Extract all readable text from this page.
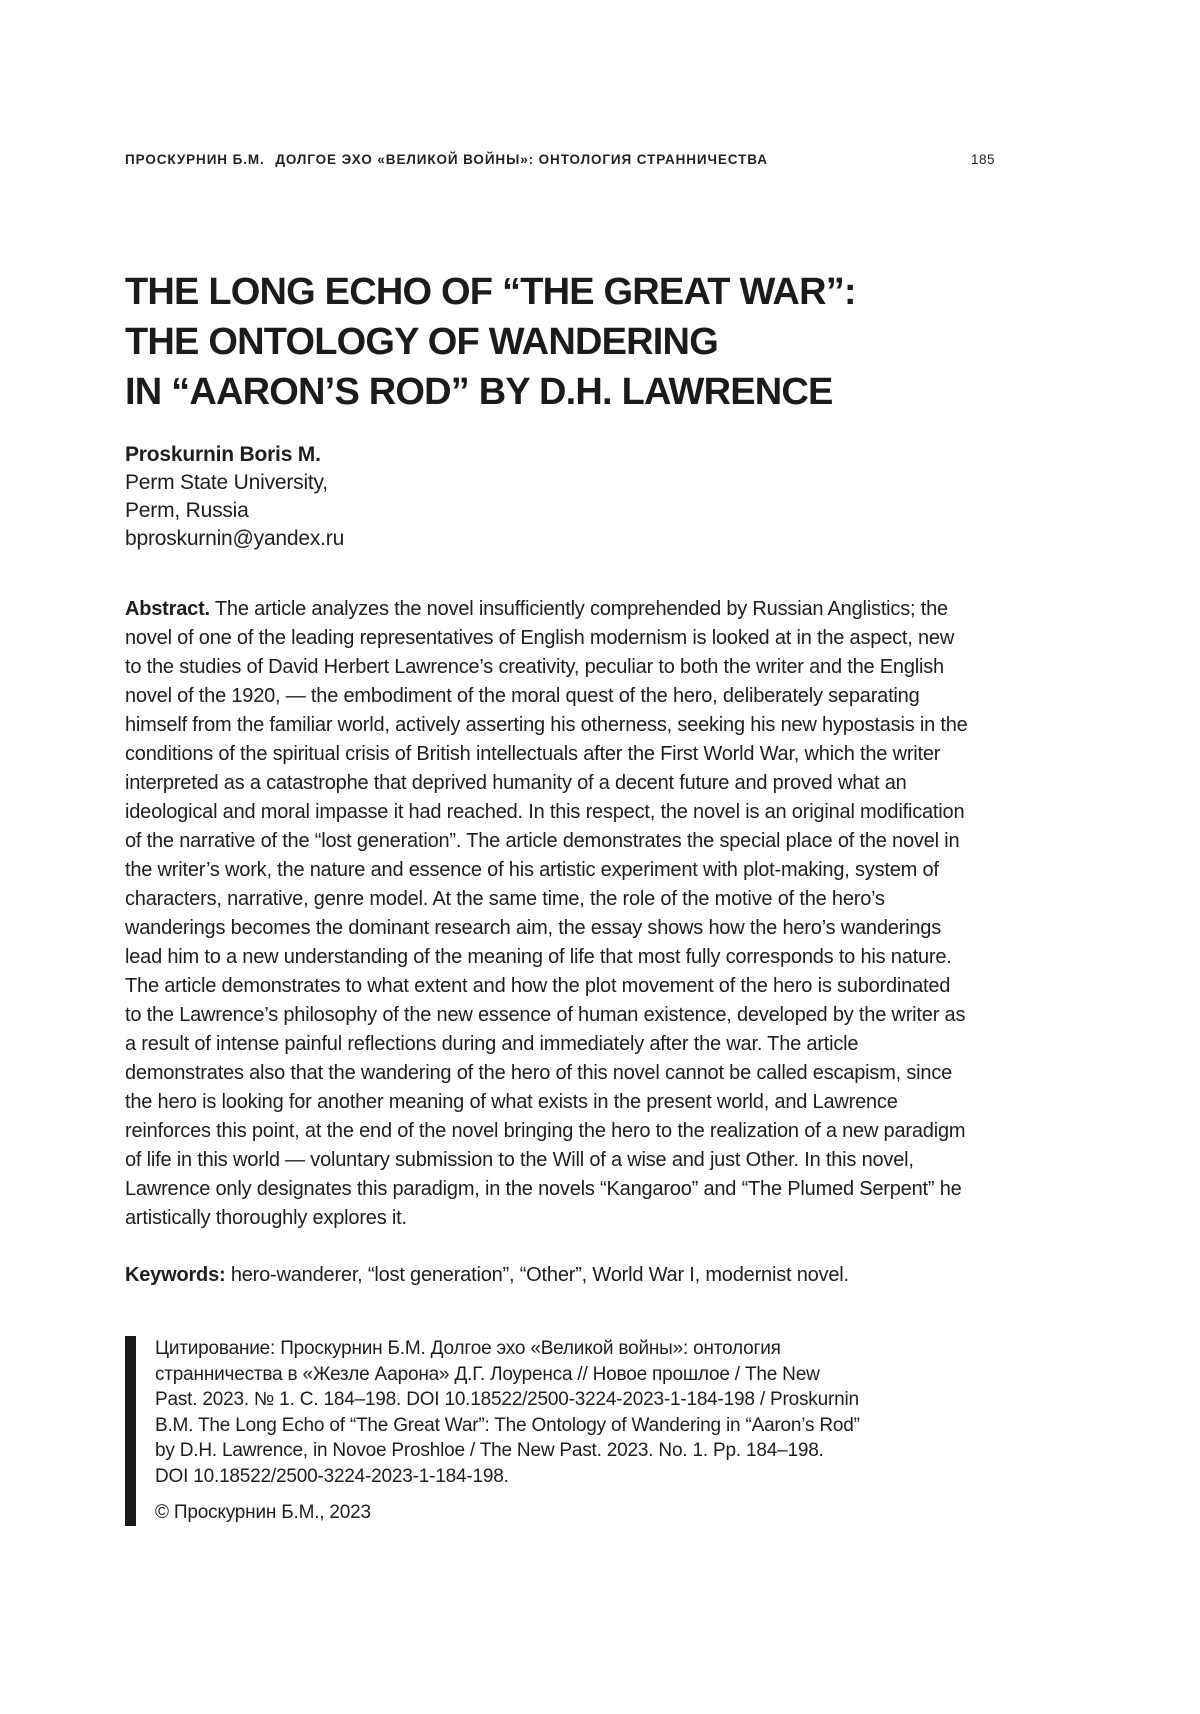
ПРОСКУРНИН Б.М. ДОЛГОЕ ЭХО «ВЕЛИКОЙ ВОЙНЫ»: ОНТОЛОГИЯ СТРАННИЧЕСТВА	185
THE LONG ECHO OF “THE GREAT WAR”:
THE ONTOLOGY OF WANDERING
IN “AARON’S ROD” BY D.H. LAWRENCE
Proskurnin Boris M.
Perm State University,
Perm, Russia
bproskurnin@yandex.ru

Abstract. The article analyzes the novel insufficiently comprehended by Russian Anglistics; the novel of one of the leading representatives of English modernism is looked at in the aspect, new to the studies of David Herbert Lawrence’s creativity, peculiar to both the writer and the English novel of the 1920, — the embodiment of the moral quest of the hero, deliberately separating himself from the familiar world, actively asserting his otherness, seeking his new hypostasis in the conditions of the spiritual crisis of British intellectuals after the First World War, which the writer interpreted as a catastrophe that deprived humanity of a decent future and proved what an ideological and moral impasse it had reached. In this respect, the novel is an original modification of the narrative of the “lost generation”. The article demonstrates the special place of the novel in the writer’s work, the nature and essence of his artistic experiment with plot-making, system of characters, narrative, genre model. At the same time, the role of the motive of the hero’s wanderings becomes the dominant research aim, the essay shows how the hero’s wanderings lead him to a new understanding of the meaning of life that most fully corresponds to his nature. The article demonstrates to what extent and how the plot movement of the hero is subordinated to the Lawrence’s philosophy of the new essence of human existence, developed by the writer as a result of intense painful reflections during and immediately after the war. The article demonstrates also that the wandering of the hero of this novel cannot be called escapism, since the hero is looking for another meaning of what exists in the present world, and Lawrence reinforces this point, at the end of the novel bringing the hero to the realization of a new paradigm of life in this world — voluntary submission to the Will of a wise and just Other. In this novel, Lawrence only designates this paradigm, in the novels “Kangaroo” and “The Plumed Serpent” he artistically thoroughly explores it.

Keywords: hero-wanderer, “lost generation”, “Other”, World War I, modernist novel.

Цитирование: Проскурнин Б.М. Долгое эхо «Великой войны»: онтология странничества в «Жезле Аарона» Д.Г. Лоуренса // Новое прошлое / The New Past. 2023. № 1. С. 184–198. DOI 10.18522/2500-3224-2023-1-184-198 / Proskurnin B.M. The Long Echo of “The Great War”: The Ontology of Wandering in “Aaron’s Rod” by D.H. Lawrence, in Novoe Proshloe / The New Past. 2023. No. 1. Pp. 184–198. DOI 10.18522/2500-3224-2023-1-184-198.
© Проскурнин Б.М., 2023
